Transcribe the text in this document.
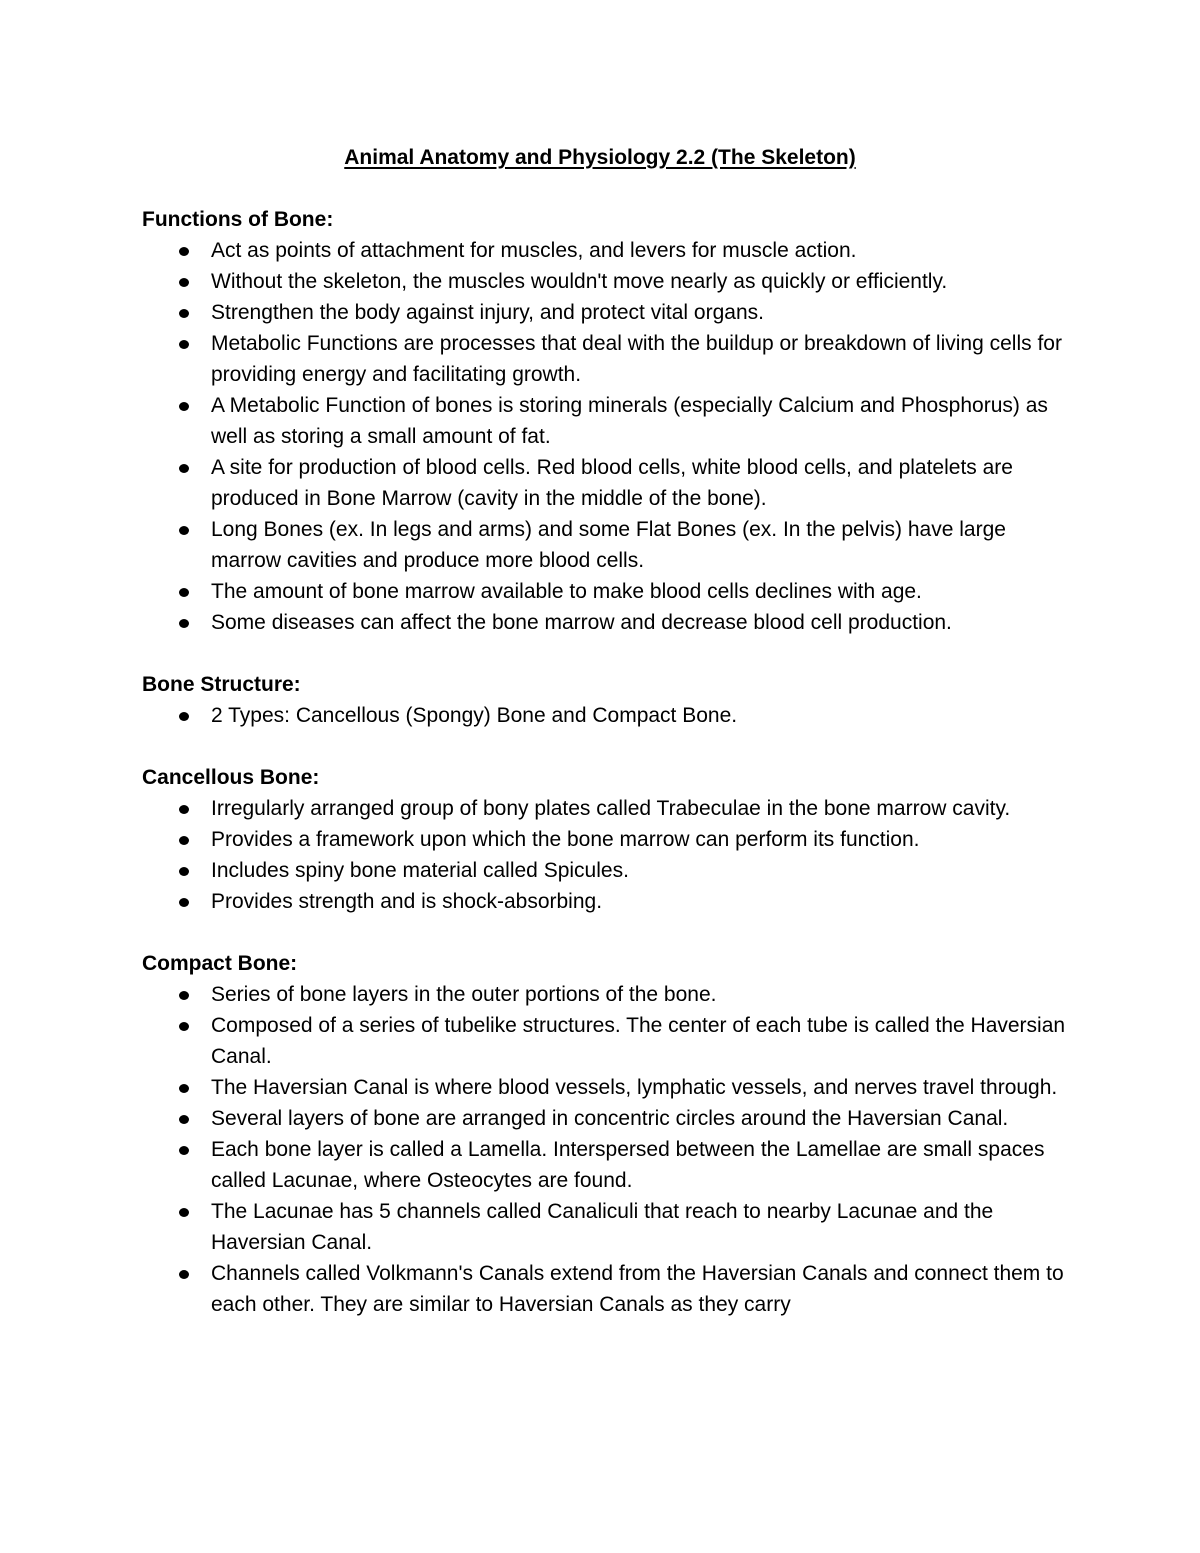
Animal Anatomy and Physiology 2.2 (The Skeleton)
Functions of Bone:
Act as points of attachment for muscles, and levers for muscle action.
Without the skeleton, the muscles wouldn't move nearly as quickly or efficiently.
Strengthen the body against injury, and protect vital organs.
Metabolic Functions are processes that deal with the buildup or breakdown of living cells for providing energy and facilitating growth.
A Metabolic Function of bones is storing minerals (especially Calcium and Phosphorus) as well as storing a small amount of fat.
A site for production of blood cells. Red blood cells, white blood cells, and platelets are produced in Bone Marrow (cavity in the middle of the bone).
Long Bones (ex. In legs and arms) and some Flat Bones (ex. In the pelvis) have large marrow cavities and produce more blood cells.
The amount of bone marrow available to make blood cells declines with age.
Some diseases can affect the bone marrow and decrease blood cell production.
Bone Structure:
2 Types: Cancellous (Spongy) Bone and Compact Bone.
Cancellous Bone:
Irregularly arranged group of bony plates called Trabeculae in the bone marrow cavity.
Provides a framework upon which the bone marrow can perform its function.
Includes spiny bone material called Spicules.
Provides strength and is shock-absorbing.
Compact Bone:
Series of bone layers in the outer portions of the bone.
Composed of a series of tubelike structures. The center of each tube is called the Haversian Canal.
The Haversian Canal is where blood vessels, lymphatic vessels, and nerves travel through.
Several layers of bone are arranged in concentric circles around the Haversian Canal.
Each bone layer is called a Lamella. Interspersed between the Lamellae are small spaces called Lacunae, where Osteocytes are found.
The Lacunae has 5 channels called Canaliculi that reach to nearby Lacunae and the Haversian Canal.
Channels called Volkmann's Canals extend from the Haversian Canals and connect them to each other. They are similar to Haversian Canals as they carry
